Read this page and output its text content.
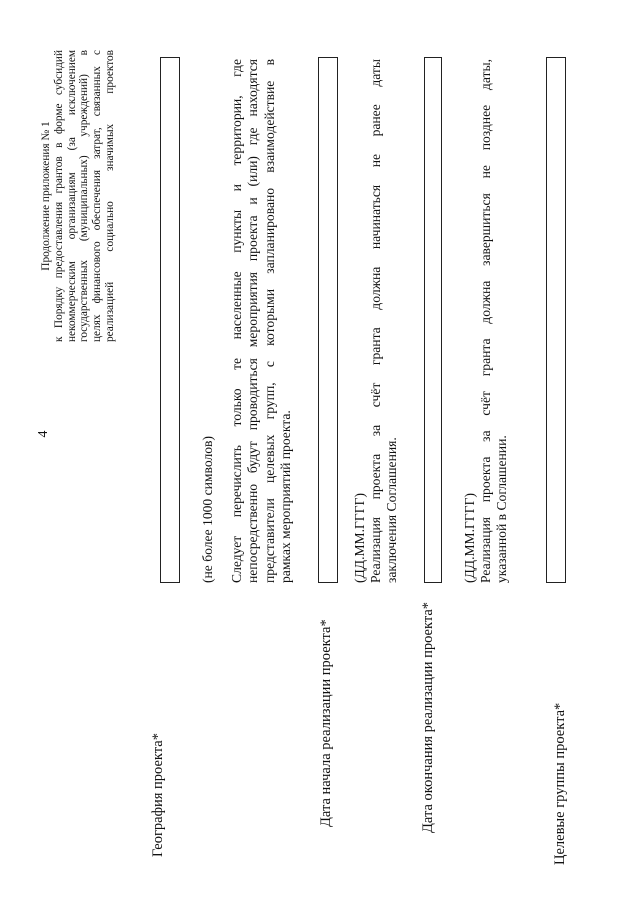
4
Продолжение приложения № 1 к Порядку предоставления грантов в форме субсидий некоммерческим организациям (за исключением государственных (муниципальных) учреждений) в целях финансового обеспечения затрат, связанных с реализацией социально значимых проектов
География проекта*
(не более 1000 символов) Следует перечислить только те населенные пункты и территории, где непосредственно будут проводиться мероприятия проекта и (или) где находятся представители целевых групп, с которыми запланировано взаимодействие в рамках мероприятий проекта.
Дата начала реализации проекта*
(ДД.ММ.ГГГГ) Реализация проекта за счёт гранта должна начинаться не ранее даты заключения Соглашения.
Дата окончания реализации проекта*
(ДД.ММ.ГГГГ) Реализация проекта за счёт гранта должна завершиться не позднее даты, указанной в Соглашении.
Целевые группы проекта*
